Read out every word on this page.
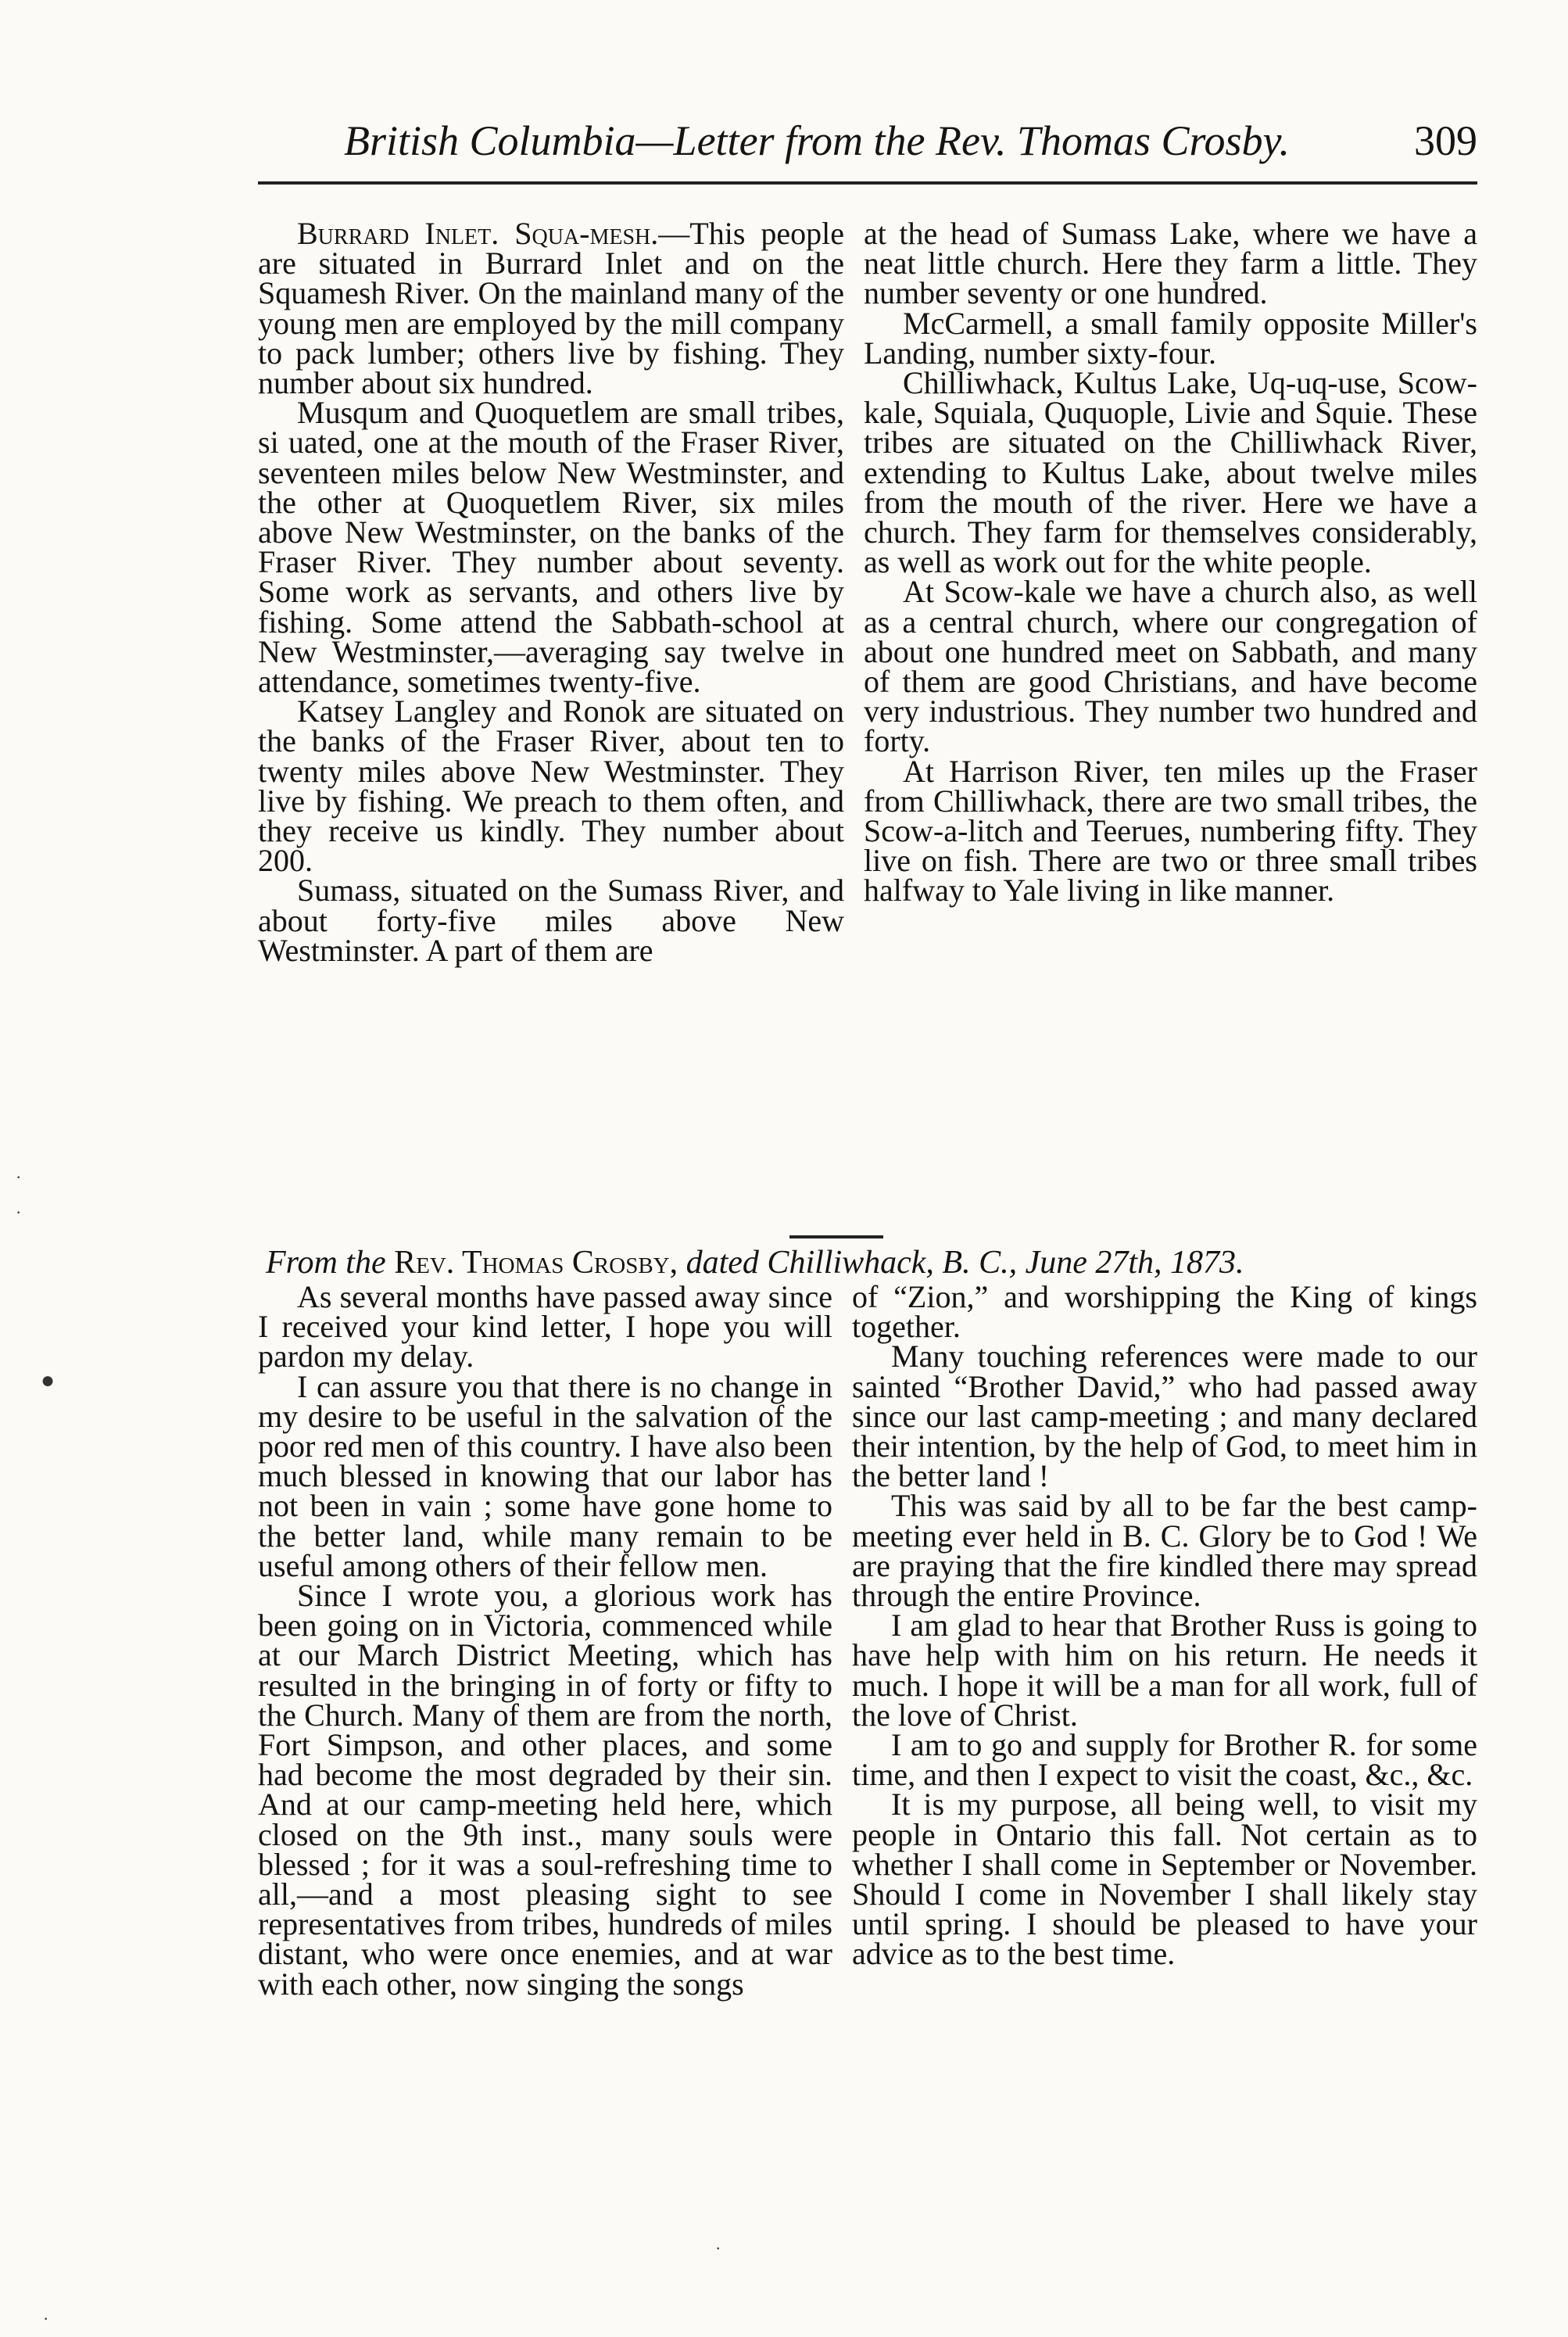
British Columbia—Letter from the Rev. Thomas Crosby.	309

Burrard Inlet. Squa-mesh.—This people are situated in Burrard Inlet and on the Squamesh River. On the mainland many of the young men are employed by the mill company to pack lumber; others live by fishing. They number about six hundred.

Musqum and Quoquetlem are small tribes, si uated, one at the mouth of the Fraser River, seventeen miles below New Westminster, and the other at Quoquetlem River, six miles above New Westminster, on the banks of the Fraser River. They number about seventy. Some work as servants, and others live by fishing. Some attend the Sabbath-school at New Westminster,—averaging say twelve in attendance, sometimes twenty-five.

Katsey Langley and Ronok are situated on the banks of the Fraser River, about ten to twenty miles above New Westminster. They live by fishing. We preach to them often, and they receive us kindly. They number about 200.

Sumass, situated on the Sumass River, and about forty-five miles above New Westminster. A part of them are

at the head of Sumass Lake, where we have a neat little church. Here they farm a little. They number seventy or one hundred.

McCarmell, a small family opposite Miller's Landing, number sixty-four.

Chilliwhack, Kultus Lake, Uq-uq-use, Scow-kale, Squiala, Ququople, Livie and Squie. These tribes are situated on the Chilliwhack River, extending to Kultus Lake, about twelve miles from the mouth of the river. Here we have a church. They farm for themselves considerably, as well as work out for the white people.

At Scow-kale we have a church also, as well as a central church, where our congregation of about one hundred meet on Sabbath, and many of them are good Christians, and have become very industrious. They number two hundred and forty.

At Harrison River, ten miles up the Fraser from Chilliwhack, there are two small tribes, the Scow-a-litch and Teerues, numbering fifty. They live on fish. There are two or three small tribes halfway to Yale living in like manner.

From the Rev. Thomas Crosby, dated Chilliwhack, B. C., June 27th, 1873.

As several months have passed away since I received your kind letter, I hope you will pardon my delay.

I can assure you that there is no change in my desire to be useful in the salvation of the poor red men of this country. I have also been much blessed in knowing that our labor has not been in vain ; some have gone home to the better land, while many remain to be useful among others of their fellow men.

Since I wrote you, a glorious work has been going on in Victoria, commenced while at our March District Meeting, which has resulted in the bringing in of forty or fifty to the Church. Many of them are from the north, Fort Simpson, and other places, and some had become the most degraded by their sin. And at our camp-meeting held here, which closed on the 9th inst., many souls were blessed ; for it was a soul-refreshing time to all,—and a most pleasing sight to see representatives from tribes, hundreds of miles distant, who were once enemies, and at war with each other, now singing the songs

of “Zion,” and worshipping the King of kings together.

Many touching references were made to our sainted “Brother David,” who had passed away since our last camp-meeting ; and many declared their intention, by the help of God, to meet him in the better land !

This was said by all to be far the best camp-meeting ever held in B. C. Glory be to God ! We are praying that the fire kindled there may spread through the entire Province.

I am glad to hear that Brother Russ is going to have help with him on his return. He needs it much. I hope it will be a man for all work, full of the love of Christ.

I am to go and supply for Brother R. for some time, and then I expect to visit the coast, &c., &c.

It is my purpose, all being well, to visit my people in Ontario this fall. Not certain as to whether I shall come in September or November. Should I come in November I shall likely stay until spring. I should be pleased to have your advice as to the best time.

●
·
·
·
·
